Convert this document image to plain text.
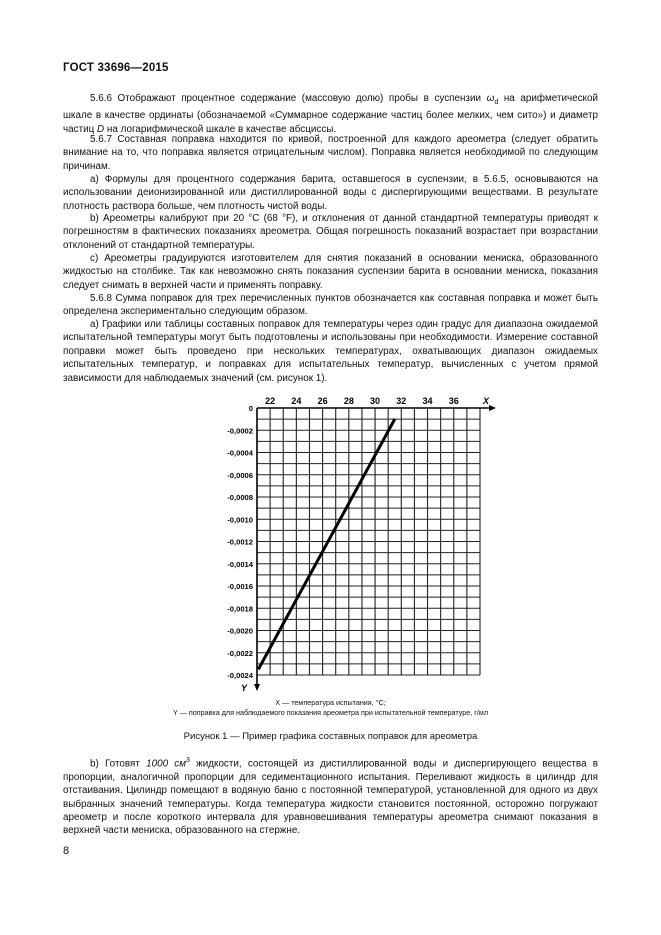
ГОСТ 33696—2015

5.6.6 Отображают процентное содержание (массовую долю) пробы в суспензии $\omega_d$ на арифметической шкале в качестве ординаты (обозначаемой «Суммарное содержание частиц более мелких, чем сито») и диаметр частиц D на логарифмической шкале в качестве абсциссы.

5.6.7 Составная поправка находится по кривой, построенной для каждого ареометра (следует обратить внимание на то, что поправка является отрицательным числом). Поправка является необходимой по следующим причинам.

a) Формулы для процентного содержания барита, оставшегося в суспензии, в 5.6.5, основываются на использовании деионизированной или дистиллированной воды с диспергирующими веществами. В результате плотность раствора больше, чем плотность чистой воды.

b) Ареометры калибруют при 20 °C (68 °F), и отклонения от данной стандартной температуры приводят к погрешностям в фактических показаниях ареометра. Общая погрешность показаний возрастает при возрастании отклонений от стандартной температуры.

c) Ареометры градуируются изготовителем для снятия показаний в основании мениска, образованного жидкостью на столбике. Так как невозможно снять показания суспензии барита в основании мениска, показания следует снимать в верхней части и применять поправку.

5.6.8 Сумма поправок для трех перечисленных пунктов обозначается как составная поправка и может быть определена экспериментально следующим образом.

a) Графики или таблицы составных поправок для температуры через один градус для диапазона ожидаемой испытательной температуры могут быть подготовлены и использованы при необходимости. Измерение составной поправки может быть проведено при нескольких температурах, охватывающих диапазон ожидаемых испытательных температур, и поправках для испытательных температур, вычисленных с учетом прямой зависимости для наблюдаемых значений (см. рисунок 1).

22 24 26 28 30 32 34 36
0
-0,0002
-0,0004
-0,0006
-0,0008
-0,0010
-0,0012
-0,0014
-0,0016
-0,0018
-0,0020
-0,0022
-0,0024
X
Y

X — температура испытания, °C;

Y — поправка для наблюдаемого показания ареометра при испытательной температуре, г/мл

Рисунок 1 — Пример графика составных поправок для ареометра

b) Готовят 1000 $см^3$ жидкости, состоящей из дистиллированной воды и диспергирующего вещества в пропорции, аналогичной пропорции для седиментационного испытания. Переливают жидкость в цилиндр для отстаивания. Цилиндр помещают в водяную баню с постоянной температурой, установленной для одного из двух выбранных значений температуры. Когда температура жидкости становится постоянной, осторожно погружают ареометр и после короткого интервала для уравновешивания температуры ареометра снимают показания в верхней части мениска, образованного на стержне.

8
